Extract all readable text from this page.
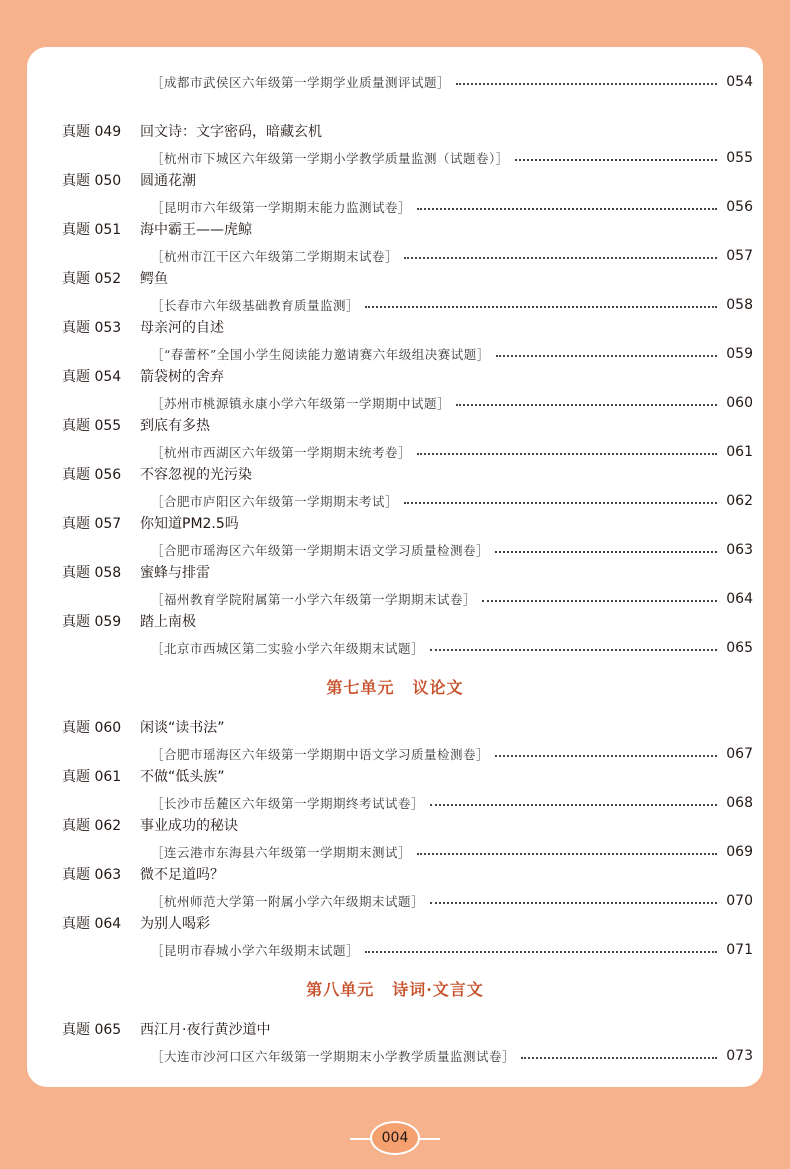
［成都市武侯区六年级第一学期学业质量测评试题］	054
真题 049 回文诗：文字密码，暗藏玄机
［杭州市下城区六年级第一学期小学教学质量监测（试题卷）］	055
真题 050 圆通花潮
［昆明市六年级第一学期期末能力监测试卷］	056
真题 051 海中霸王——虎鲸
［杭州市江干区六年级第二学期期末试卷］	057
真题 052 鳄鱼
［长春市六年级基础教育质量监测］	058
真题 053 母亲河的自述
［“春蕾杯”全国小学生阅读能力邀请赛六年级组决赛试题］	059
真题 054 箭袋树的舍弃
［苏州市桃源镇永康小学六年级第一学期期中试题］	060
真题 055 到底有多热
［杭州市西湖区六年级第一学期期末统考卷］	061
真题 056 不容忽视的光污染
［合肥市庐阳区六年级第一学期期末考试］	062
真题 057 你知道PM2.5吗
［合肥市瑶海区六年级第一学期期末语文学习质量检测卷］	063
真题 058 蜜蜂与排雷
［福州教育学院附属第一小学六年级第一学期期末试卷］	064
真题 059 踏上南极
［北京市西城区第二实验小学六年级期末试题］	065
第七单元 议论文
真题 060 闲谈“读书法”
［合肥市瑶海区六年级第一学期期中语文学习质量检测卷］	067
真题 061 不做“低头族”
［长沙市岳麓区六年级第一学期期终考试试卷］	068
真题 062 事业成功的秘诀
［连云港市东海县六年级第一学期期末测试］	069
真题 063 微不足道吗？
［杭州师范大学第一附属小学六年级期末试题］	070
真题 064 为别人喝彩
［昆明市春城小学六年级期末试题］	071
第八单元 诗词·文言文
真题 065 西江月·夜行黄沙道中
［大连市沙河口区六年级第一学期期末小学教学质量监测试卷］	073
004
